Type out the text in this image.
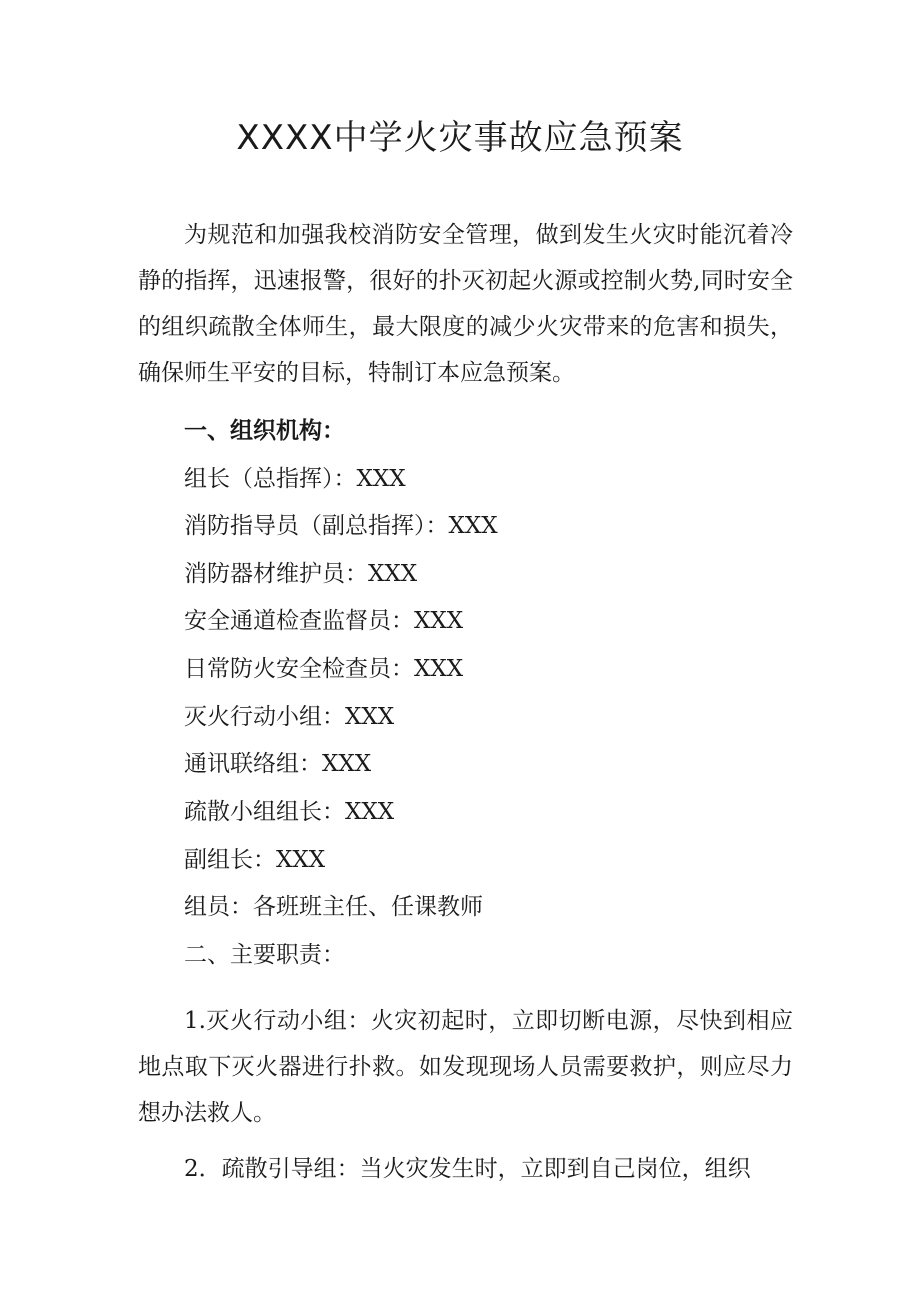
XXXX中学火灾事故应急预案

为规范和加强我校消防安全管理，做到发生火灾时能沉着冷静的指挥，迅速报警，很好的扑灭初起火源或控制火势,同时安全的组织疏散全体师生，最大限度的减少火灾带来的危害和损失，确保师生平安的目标，特制订本应急预案。

一、组织机构：

组长（总指挥）：XXX

消防指导员（副总指挥）：XXX

消防器材维护员：XXX

安全通道检查监督员：XXX

日常防火安全检查员：XXX

灭火行动小组：XXX

通讯联络组：XXX

疏散小组组长：XXX

副组长：XXX

组员：各班班主任、任课教师

二、主要职责：

1.灭火行动小组：火灾初起时，立即切断电源，尽快到相应地点取下灭火器进行扑救。如发现现场人员需要救护，则应尽力想办法救人。

2．疏散引导组：当火灾发生时，立即到自己岗位，组织
